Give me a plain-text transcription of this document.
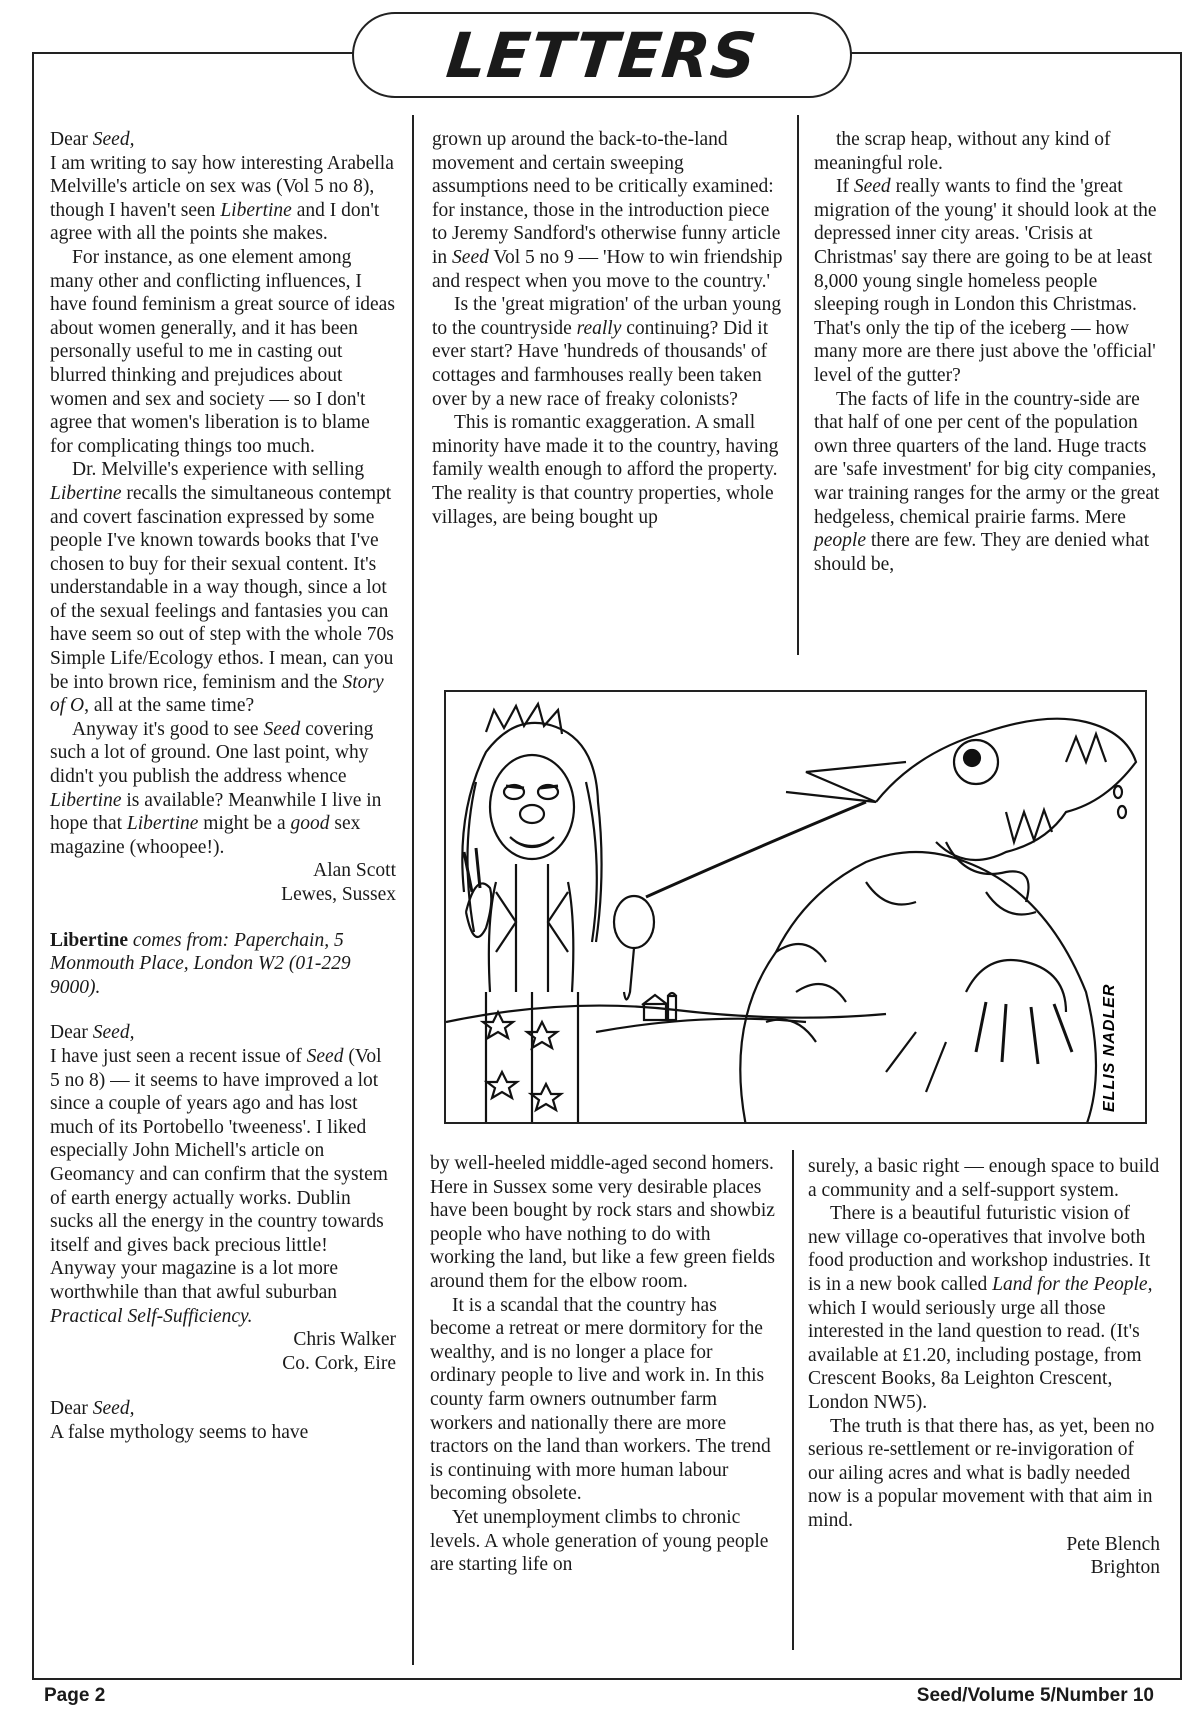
LETTERS

Dear Seed,

I am writing to say how interesting Arabella Melville's article on sex was (Vol 5 no 8), though I haven't seen Libertine and I don't agree with all the points she makes.

For instance, as one element among many other and conflicting influences, I have found feminism a great source of ideas about women generally, and it has been personally useful to me in casting out blurred thinking and prejudices about women and sex and society — so I don't agree that women's liberation is to blame for complicating things too much.

Dr. Melville's experience with selling Libertine recalls the simultaneous contempt and covert fascination expressed by some people I've known towards books that I've chosen to buy for their sexual content. It's understandable in a way though, since a lot of the sexual feelings and fantasies you can have seem so out of step with the whole 70s Simple Life/Ecology ethos. I mean, can you be into brown rice, feminism and the Story of O, all at the same time?

Anyway it's good to see Seed covering such a lot of ground. One last point, why didn't you publish the address whence Libertine is available? Meanwhile I live in hope that Libertine might be a good sex magazine (whoopee!).

Alan Scott

Lewes, Sussex

Libertine comes from: Paperchain, 5 Monmouth Place, London W2 (01-229 9000).

Dear Seed,

I have just seen a recent issue of Seed (Vol 5 no 8) — it seems to have improved a lot since a couple of years ago and has lost much of its Portobello 'tweeness'. I liked especially John Michell's article on Geomancy and can confirm that the system of earth energy actually works. Dublin sucks all the energy in the country towards itself and gives back precious little! Anyway your magazine is a lot more worthwhile than that awful suburban Practical Self-Sufficiency.

Chris Walker

Co. Cork, Eire

Dear Seed,

A false mythology seems to have

grown up around the back-to-the-land movement and certain sweeping assumptions need to be critically examined: for instance, those in the introduction piece to Jeremy Sandford's otherwise funny article in Seed Vol 5 no 9 — 'How to win friendship and respect when you move to the country.'

Is the 'great migration' of the urban young to the countryside really continuing? Did it ever start? Have 'hundreds of thousands' of cottages and farmhouses really been taken over by a new race of freaky colonists?

This is romantic exaggeration. A small minority have made it to the country, having family wealth enough to afford the property. The reality is that country properties, whole villages, are being bought up

the scrap heap, without any kind of meaningful role.

If Seed really wants to find the 'great migration of the young' it should look at the depressed inner city areas. 'Crisis at Christmas' say there are going to be at least 8,000 young single homeless people sleeping rough in London this Christmas. That's only the tip of the iceberg — how many more are there just above the 'official' level of the gutter?

The facts of life in the country-side are that half of one per cent of the population own three quarters of the land. Huge tracts are 'safe investment' for big city companies, war training ranges for the army or the great hedgeless, chemical prairie farms. Mere people there are few. They are denied what should be,

ELLIS NADLER

by well-heeled middle-aged second homers. Here in Sussex some very desirable places have been bought by rock stars and showbiz people who have nothing to do with working the land, but like a few green fields around them for the elbow room.

It is a scandal that the country has become a retreat or mere dormitory for the wealthy, and is no longer a place for ordinary people to live and work in. In this county farm owners outnumber farm workers and nationally there are more tractors on the land than workers. The trend is continuing with more human labour becoming obsolete.

Yet unemployment climbs to chronic levels. A whole generation of young people are starting life on

surely, a basic right — enough space to build a community and a self-support system.

There is a beautiful futuristic vision of new village co-operatives that involve both food production and workshop industries. It is in a new book called Land for the People, which I would seriously urge all those interested in the land question to read. (It's available at £1.20, including postage, from Crescent Books, 8a Leighton Crescent, London NW5).

The truth is that there has, as yet, been no serious re-settlement or re-invigoration of our ailing acres and what is badly needed now is a popular movement with that aim in mind.

Pete Blench

Brighton

Page 2	Seed/Volume 5/Number 10
